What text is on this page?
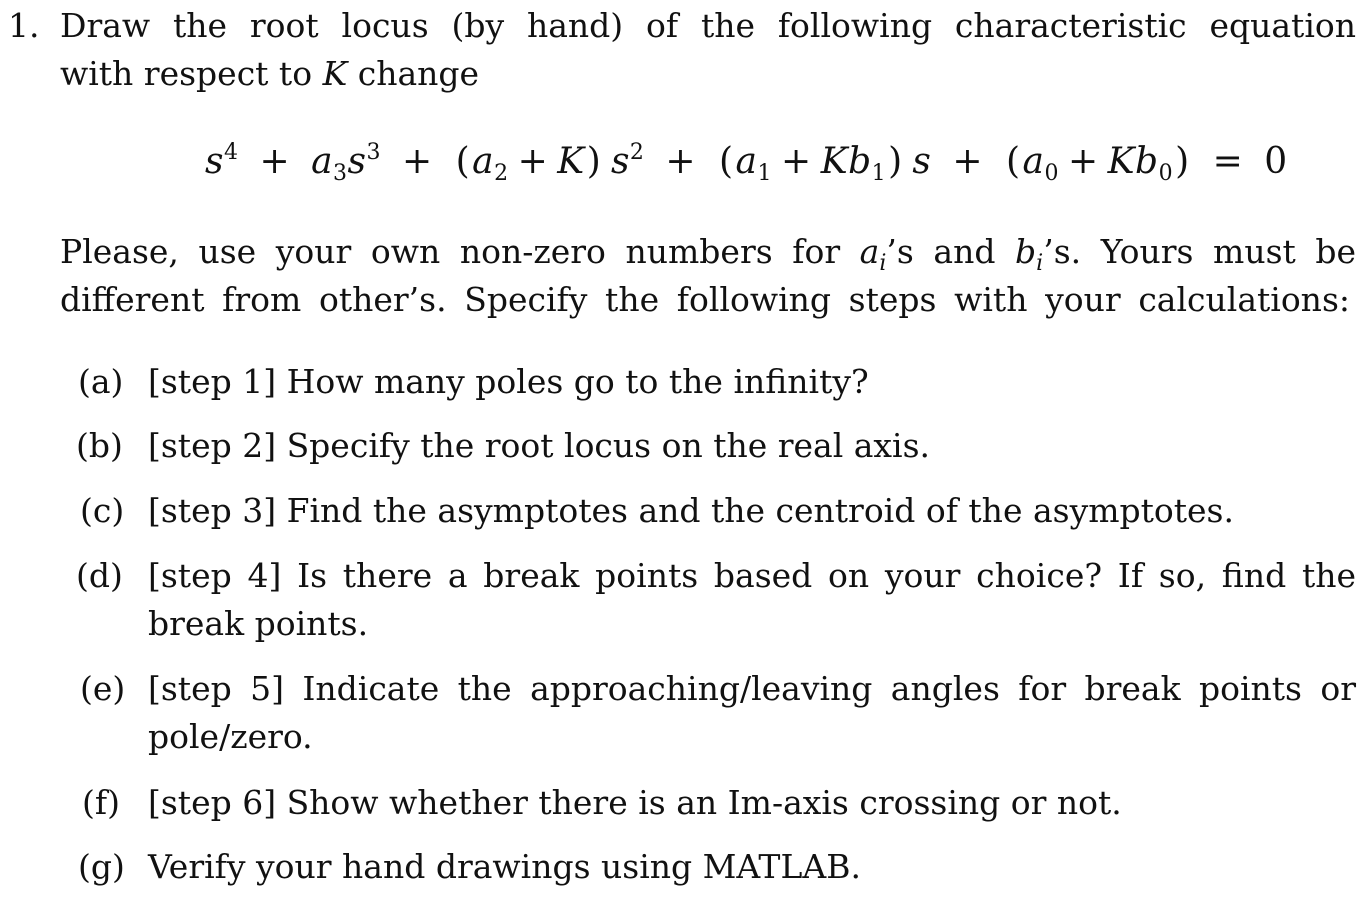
1. Draw the root locus (by hand) of the following characteristic equation
with respect to K change
$s^4 + a_3s^3 + (a_2 + K) s^2 + (a_1 + Kb_1) s + (a_0 + Kb_0) = 0$
Please, use your own non-zero numbers for $a_i’s$ and $b_i’s$. Yours must be
different from other’s. Specify the following steps with your calculations:
(a) [step 1] How many poles go to the infinity?
(b) [step 2] Specify the root locus on the real axis.
(c) [step 3] Find the asymptotes and the centroid of the asymptotes.
(d) [step 4] Is there a break points based on your choice? If so, find the break points.
(e) [step 5] Indicate the approaching/leaving angles for break points or pole/zero.
(f) [step 6] Show whether there is an Im-axis crossing or not.
(g) Verify your hand drawings using MATLAB.
